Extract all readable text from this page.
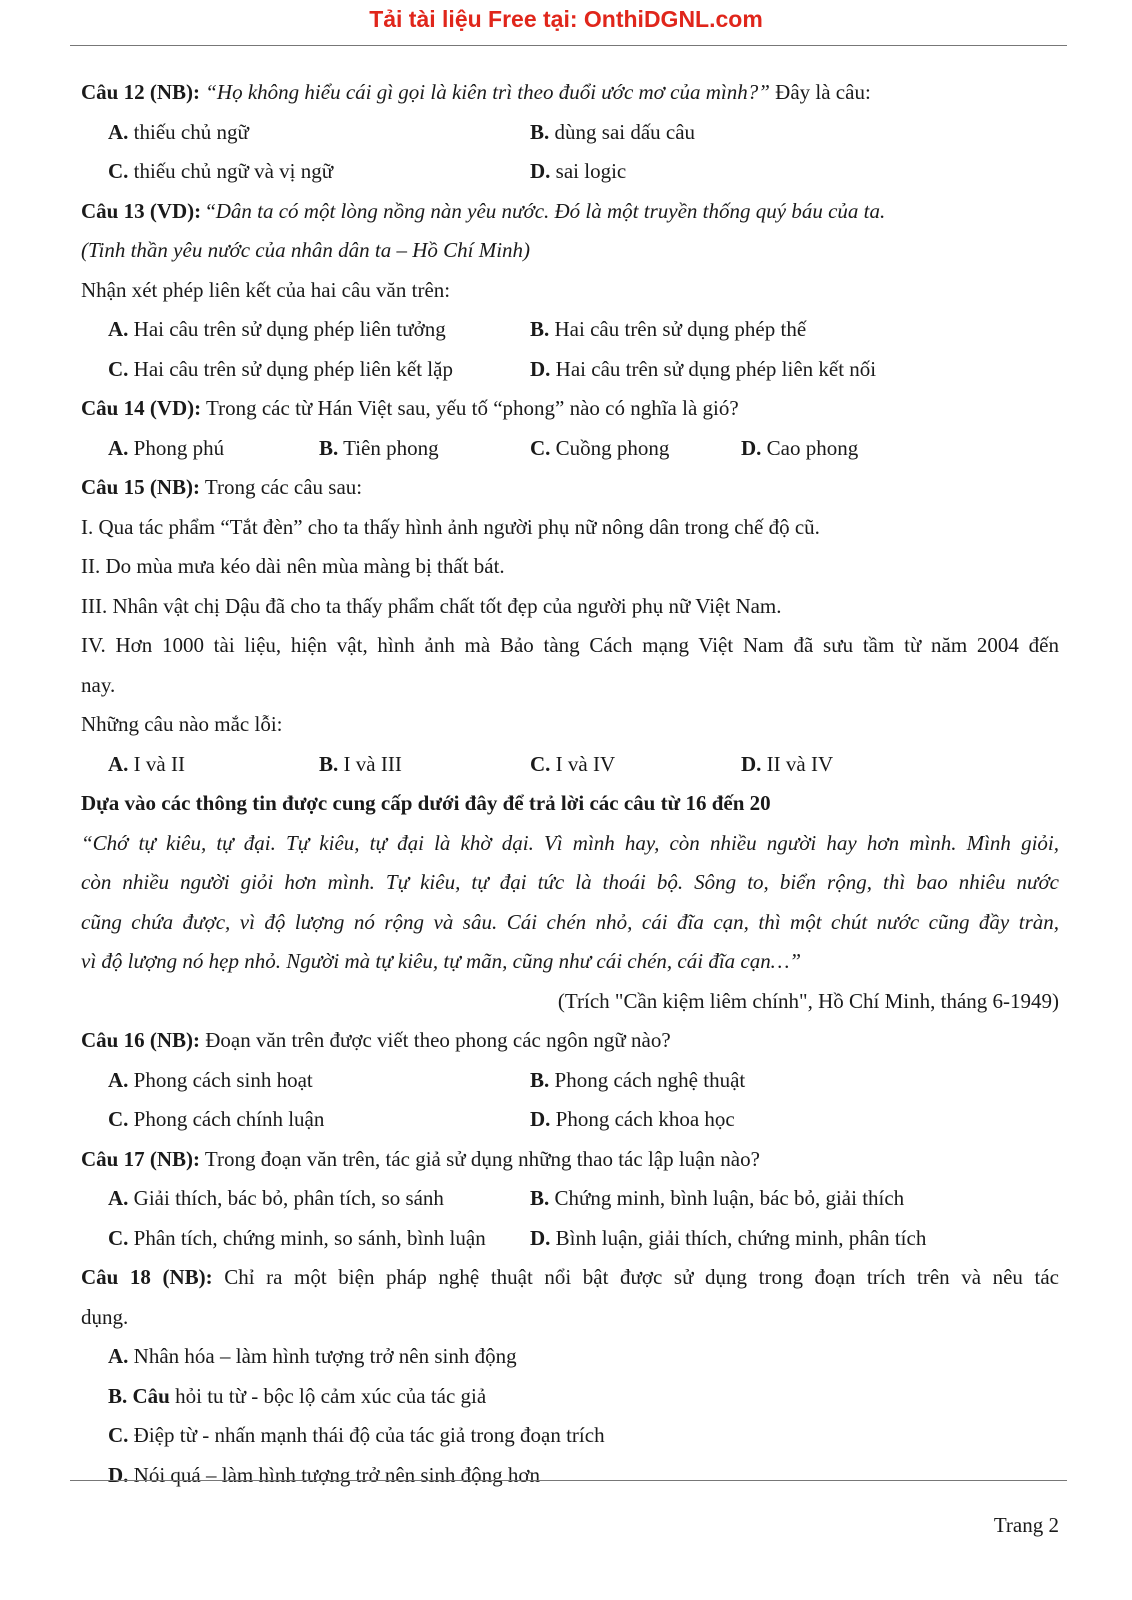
Tải tài liệu Free tại: OnthiDGNL.com
Câu 12 (NB): “Họ không hiểu cái gì gọi là kiên trì theo đuổi ước mơ của mình?” Đây là câu:
A. thiếu chủ ngữ	B. dùng sai dấu câu
C. thiếu chủ ngữ và vị ngữ	D. sai logic
Câu 13 (VD): “Dân ta có một lòng nồng nàn yêu nước. Đó là một truyền thống quý báu của ta.
(Tinh thần yêu nước của nhân dân ta – Hồ Chí Minh)
Nhận xét phép liên kết của hai câu văn trên:
A. Hai câu trên sử dụng phép liên tưởng	B. Hai câu trên sử dụng phép thế
C. Hai câu trên sử dụng phép liên kết lặp	D. Hai câu trên sử dụng phép liên kết nối
Câu 14 (VD): Trong các từ Hán Việt sau, yếu tố “phong” nào có nghĩa là gió?
A. Phong phú	B. Tiên phong	C. Cuồng phong	D. Cao phong
Câu 15 (NB): Trong các câu sau:
I. Qua tác phẩm “Tắt đèn” cho ta thấy hình ảnh người phụ nữ nông dân trong chế độ cũ.
II. Do mùa mưa kéo dài nên mùa màng bị thất bát.
III. Nhân vật chị Dậu đã cho ta thấy phẩm chất tốt đẹp của người phụ nữ Việt Nam.
IV. Hơn 1000 tài liệu, hiện vật, hình ảnh mà Bảo tàng Cách mạng Việt Nam đã sưu tầm từ năm 2004 đến
nay.
Những câu nào mắc lỗi:
A. I và II	B. I và III	C. I và IV	D. II và IV
Dựa vào các thông tin được cung cấp dưới đây để trả lời các câu từ 16 đến 20
“Chớ tự kiêu, tự đại. Tự kiêu, tự đại là khờ dại. Vì mình hay, còn nhiều người hay hơn mình. Mình giỏi,
còn nhiều người giỏi hơn mình. Tự kiêu, tự đại tức là thoái bộ. Sông to, biển rộng, thì bao nhiêu nước
cũng chứa được, vì độ lượng nó rộng và sâu. Cái chén nhỏ, cái đĩa cạn, thì một chút nước cũng đầy tràn,
vì độ lượng nó hẹp nhỏ. Người mà tự kiêu, tự mãn, cũng như cái chén, cái đĩa cạn…”
(Trích "Cần kiệm liêm chính", Hồ Chí Minh, tháng 6-1949)
Câu 16 (NB): Đoạn văn trên được viết theo phong các ngôn ngữ nào?
A. Phong cách sinh hoạt	B. Phong cách nghệ thuật
C. Phong cách chính luận	D. Phong cách khoa học
Câu 17 (NB): Trong đoạn văn trên, tác giả sử dụng những thao tác lập luận nào?
A. Giải thích, bác bỏ, phân tích, so sánh	B. Chứng minh, bình luận, bác bỏ, giải thích
C. Phân tích, chứng minh, so sánh, bình luận D. Bình luận, giải thích, chứng minh, phân tích
Câu 18 (NB): Chỉ ra một biện pháp nghệ thuật nổi bật được sử dụng trong đoạn trích trên và nêu tác
dụng.
A. Nhân hóa – làm hình tượng trở nên sinh động
B. Câu hỏi tu từ - bộc lộ cảm xúc của tác giả
C. Điệp từ - nhấn mạnh thái độ của tác giả trong đoạn trích
D. Nói quá – làm hình tượng trở nên sinh động hơn
Trang 2
